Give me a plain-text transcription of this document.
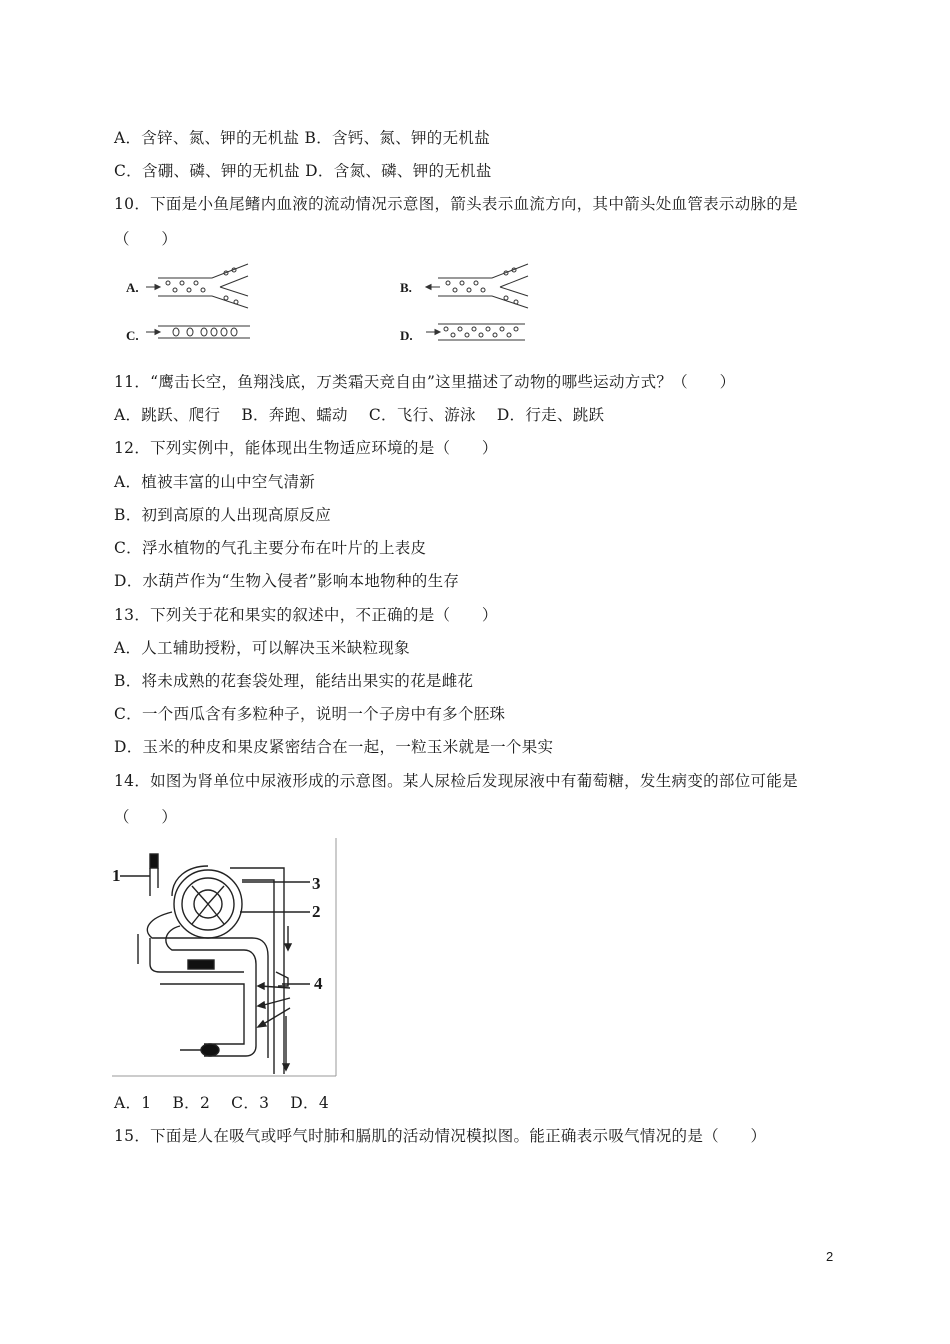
A．含锌、氮、钾的无机盐 B．含钙、氮、钾的无机盐
C．含硼、磷、钾的无机盐 D．含氮、磷、钾的无机盐
10．下面是小鱼尾鳍内血液的流动情况示意图，箭头表示血流方向，其中箭头处血管表示动脉的是
（　　）
A.	B.
C.	D.
11．“鹰击长空，鱼翔浅底，万类霜天竞自由”这里描述了动物的哪些运动方式？（　　）
A．跳跃、爬行　 B．奔跑、蠕动　 C．飞行、游泳　 D．行走、跳跃
12．下列实例中，能体现出生物适应环境的是（　　）
A．植被丰富的山中空气清新
B．初到高原的人出现高原反应
C．浮水植物的气孔主要分布在叶片的上表皮
D．水葫芦作为“生物入侵者”影响本地物种的生存
13．下列关于花和果实的叙述中，不正确的是（　　）
A．人工辅助授粉，可以解决玉米缺粒现象
B．将未成熟的花套袋处理，能结出果实的花是雌花
C．一个西瓜含有多粒种子，说明一个子房中有多个胚珠
D．玉米的种皮和果皮紧密结合在一起，一粒玉米就是一个果实
14．如图为肾单位中尿液形成的示意图。某人尿检后发现尿液中有葡萄糖，发生病变的部位可能是
（　　）
1	3
2
4
A．1　 B．2　 C．3　 D．4
15．下面是人在吸气或呼气时肺和膈肌的活动情况模拟图。能正确表示吸气情况的是（　　）
2
